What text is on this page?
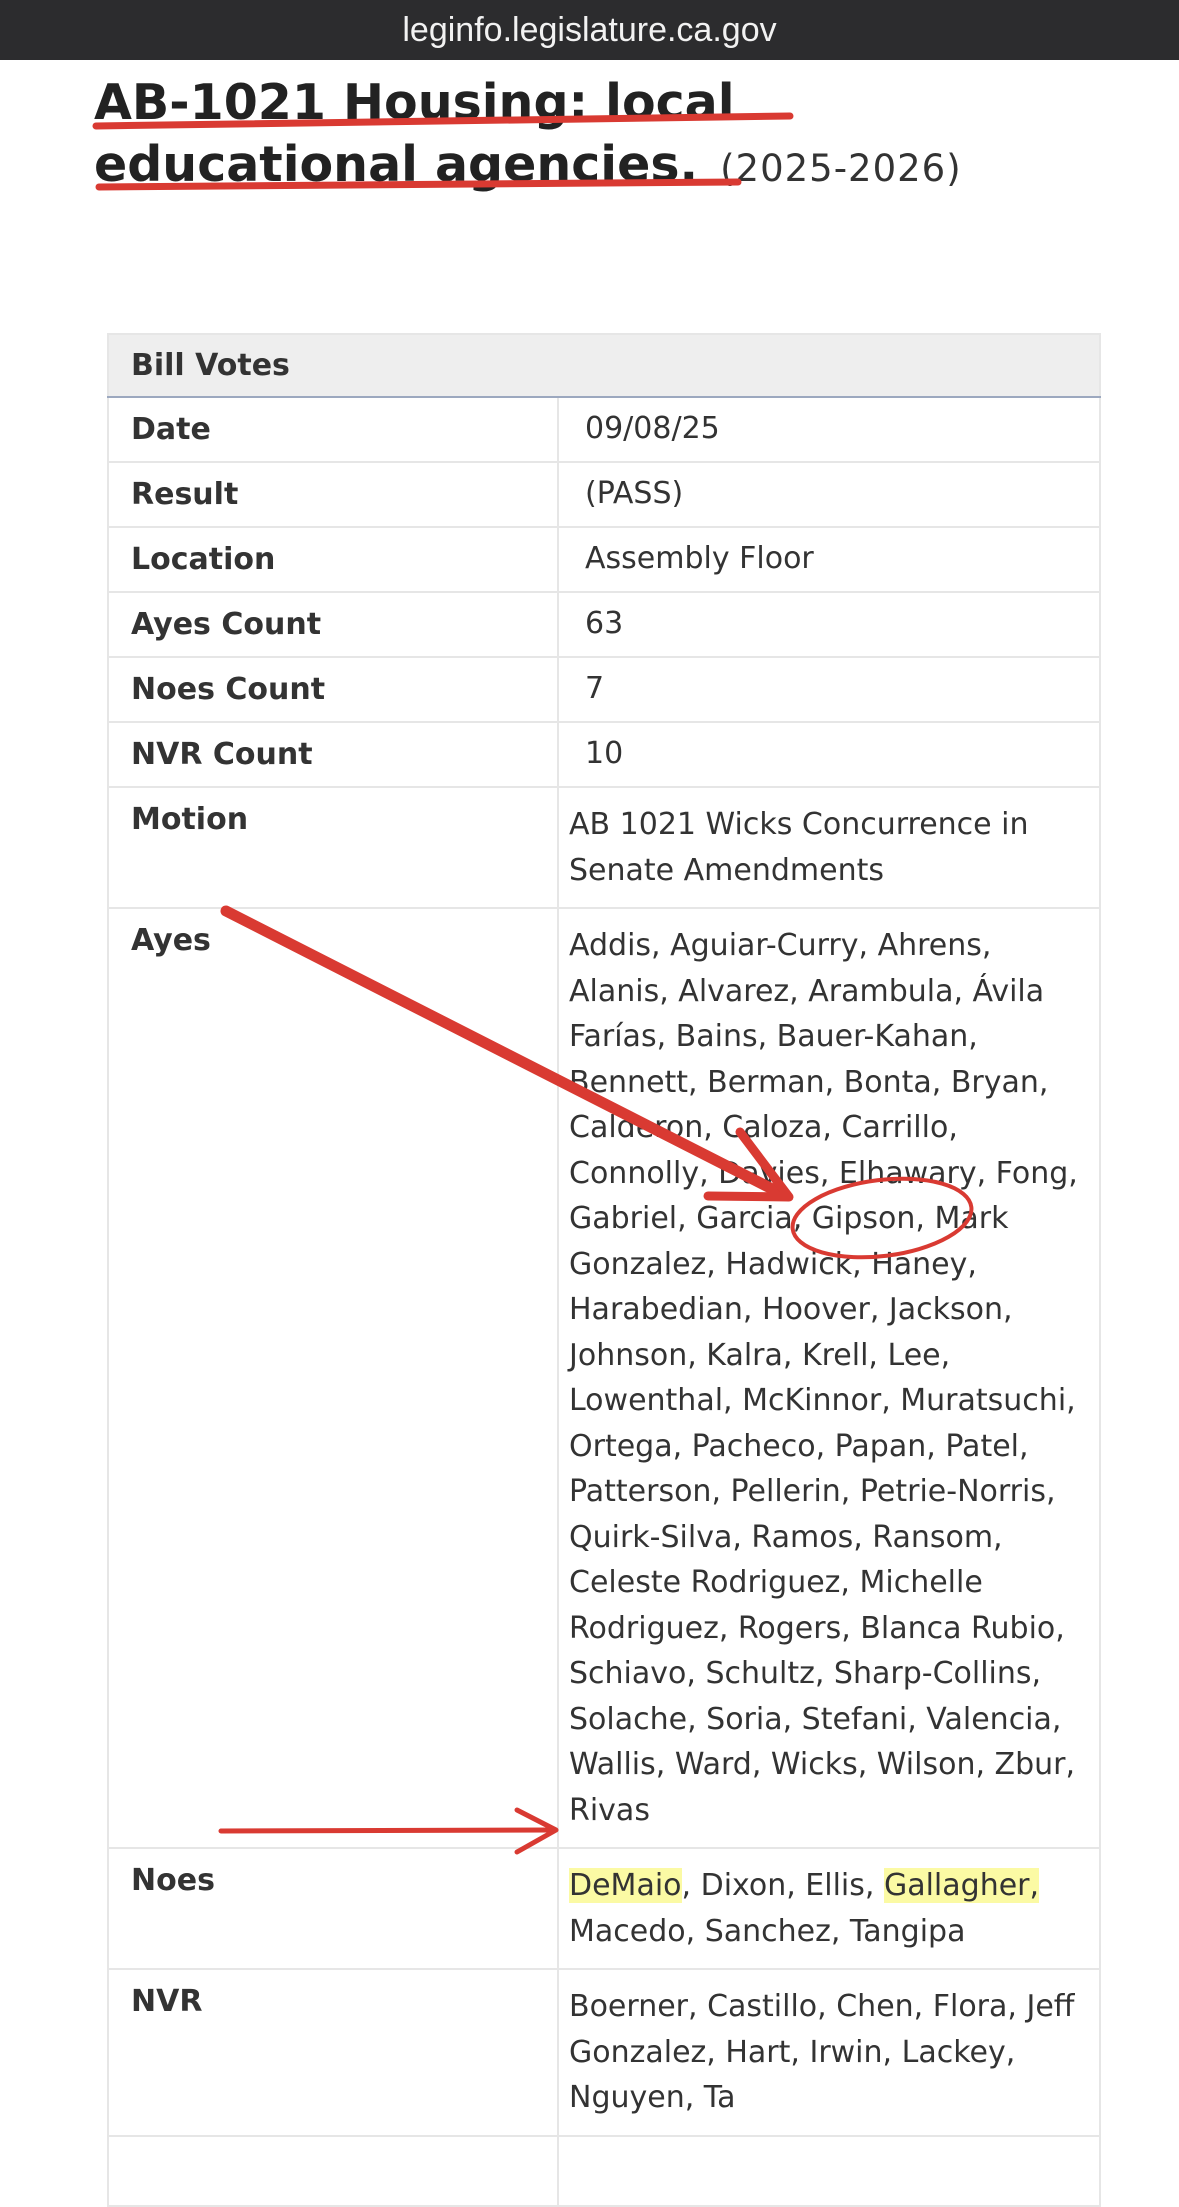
leginfo.legislature.ca.gov
AB-1021 Housing: local
educational agencies. (2025-2026)
Bill Votes	
Date	09/08/25
Result	(PASS)
Location	Assembly Floor
Ayes Count	63
Noes Count	7
NVR Count	10
Motion	AB 1021 Wicks Concurrence in Senate Amendments
Ayes	Addis, Aguiar-Curry, Ahrens, Alanis, Alvarez, Arambula, Ávila Farías, Bains, Bauer-Kahan, Bennett, Berman, Bonta, Bryan, Calderon, Caloza, Carrillo, Connolly, Davies, Elhawary, Fong, Gabriel, Garcia, Gipson, Mark Gonzalez, Hadwick, Haney, Harabedian, Hoover, Jackson, Johnson, Kalra, Krell, Lee, Lowenthal, McKinnor, Muratsuchi, Ortega, Pacheco, Papan, Patel, Patterson, Pellerin, Petrie-Norris, Quirk-Silva, Ramos, Ransom, Celeste Rodriguez, Michelle Rodriguez, Rogers, Blanca Rubio, Schiavo, Schultz, Sharp-Collins, Solache, Soria, Stefani, Valencia, Wallis, Ward, Wicks, Wilson, Zbur, Rivas
Noes	DeMaio, Dixon, Ellis, Gallagher, Macedo, Sanchez, Tangipa
NVR	Boerner, Castillo, Chen, Flora, Jeff Gonzalez, Hart, Irwin, Lackey, Nguyen, Ta
